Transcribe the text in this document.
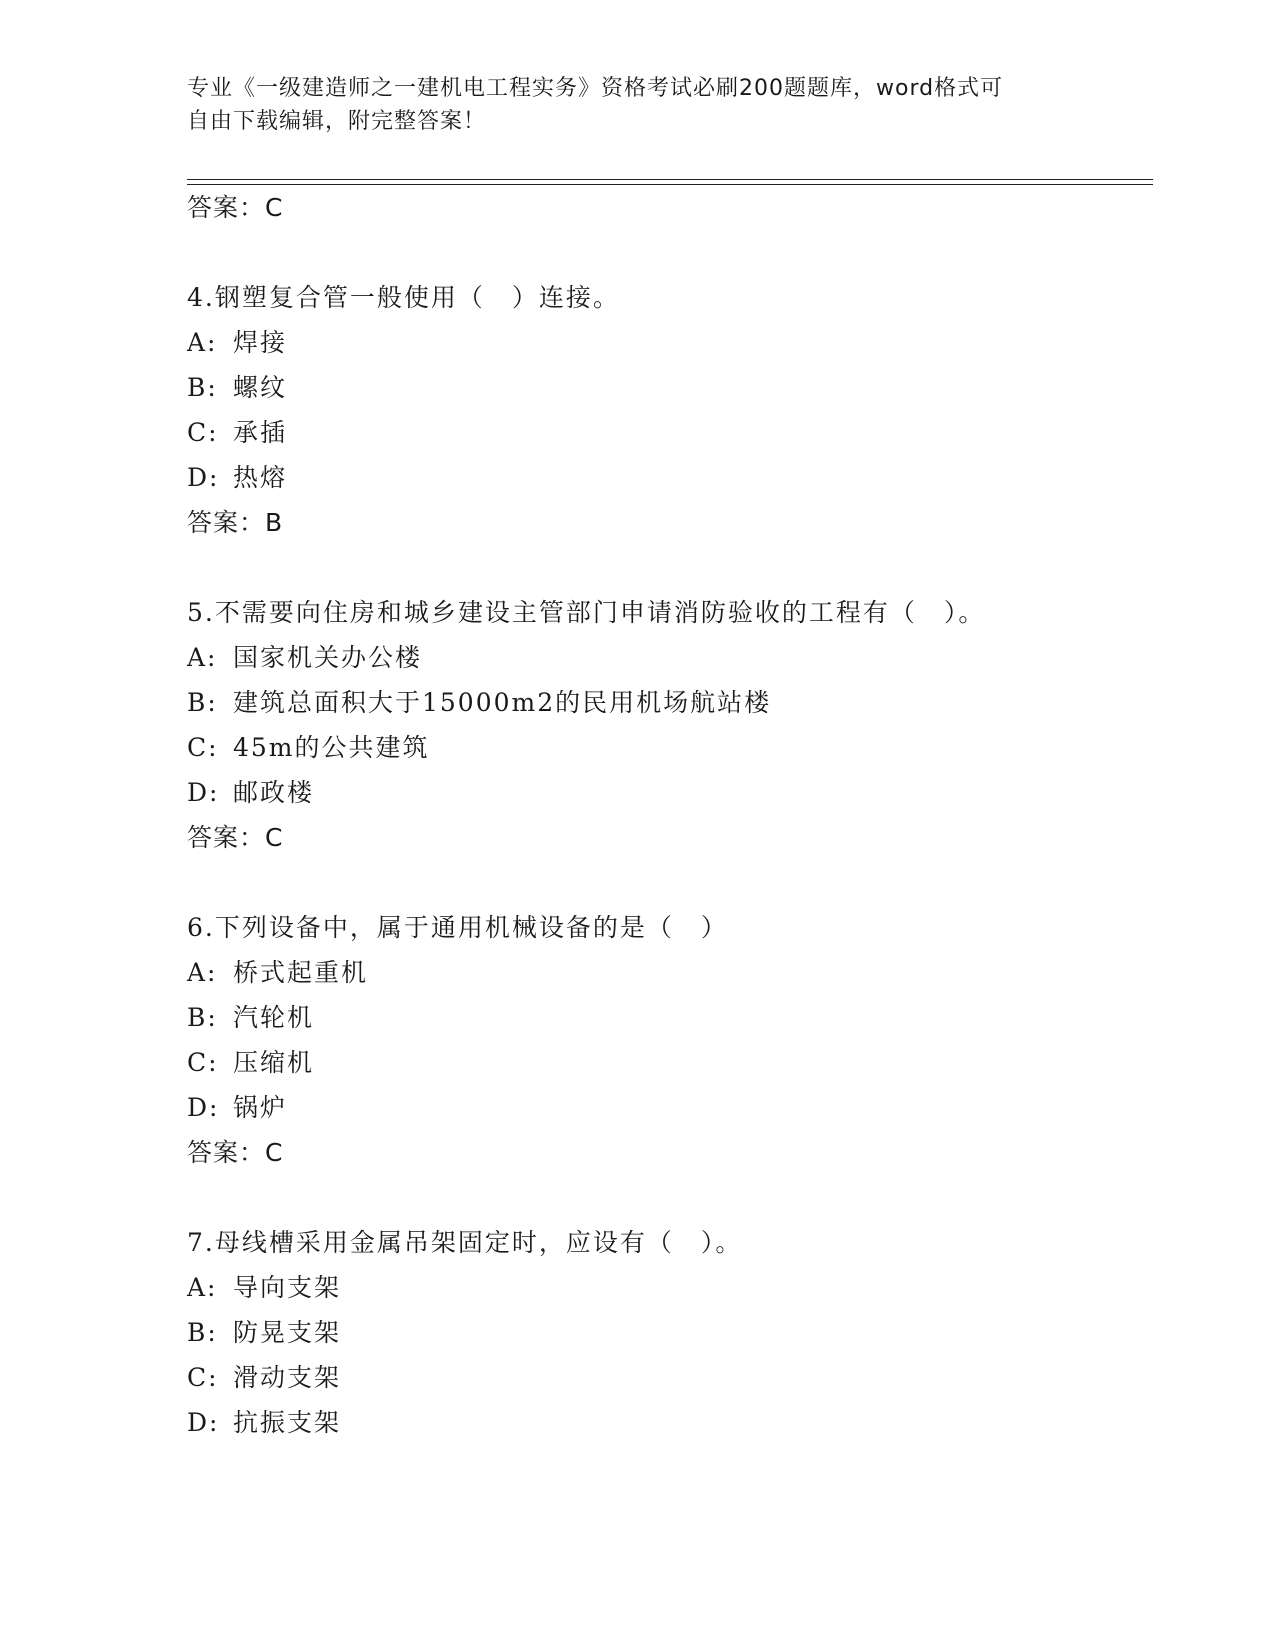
专业《一级建造师之一建机电工程实务》资格考试必刷200题题库，word格式可
自由下载编辑，附完整答案！
答案：C
4.钢塑复合管一般使用（　）连接。
A: 焊接
B: 螺纹
C: 承插
D: 热熔
答案：B
5.不需要向住房和城乡建设主管部门申请消防验收的工程有（　）。
A: 国家机关办公楼
B: 建筑总面积大于15000m2的民用机场航站楼
C: 45m的公共建筑
D: 邮政楼
答案：C
6.下列设备中，属于通用机械设备的是（　）
A: 桥式起重机
B: 汽轮机
C: 压缩机
D: 锅炉
答案：C
7.母线槽采用金属吊架固定时，应设有（　）。
A: 导向支架
B: 防晃支架
C: 滑动支架
D: 抗振支架
